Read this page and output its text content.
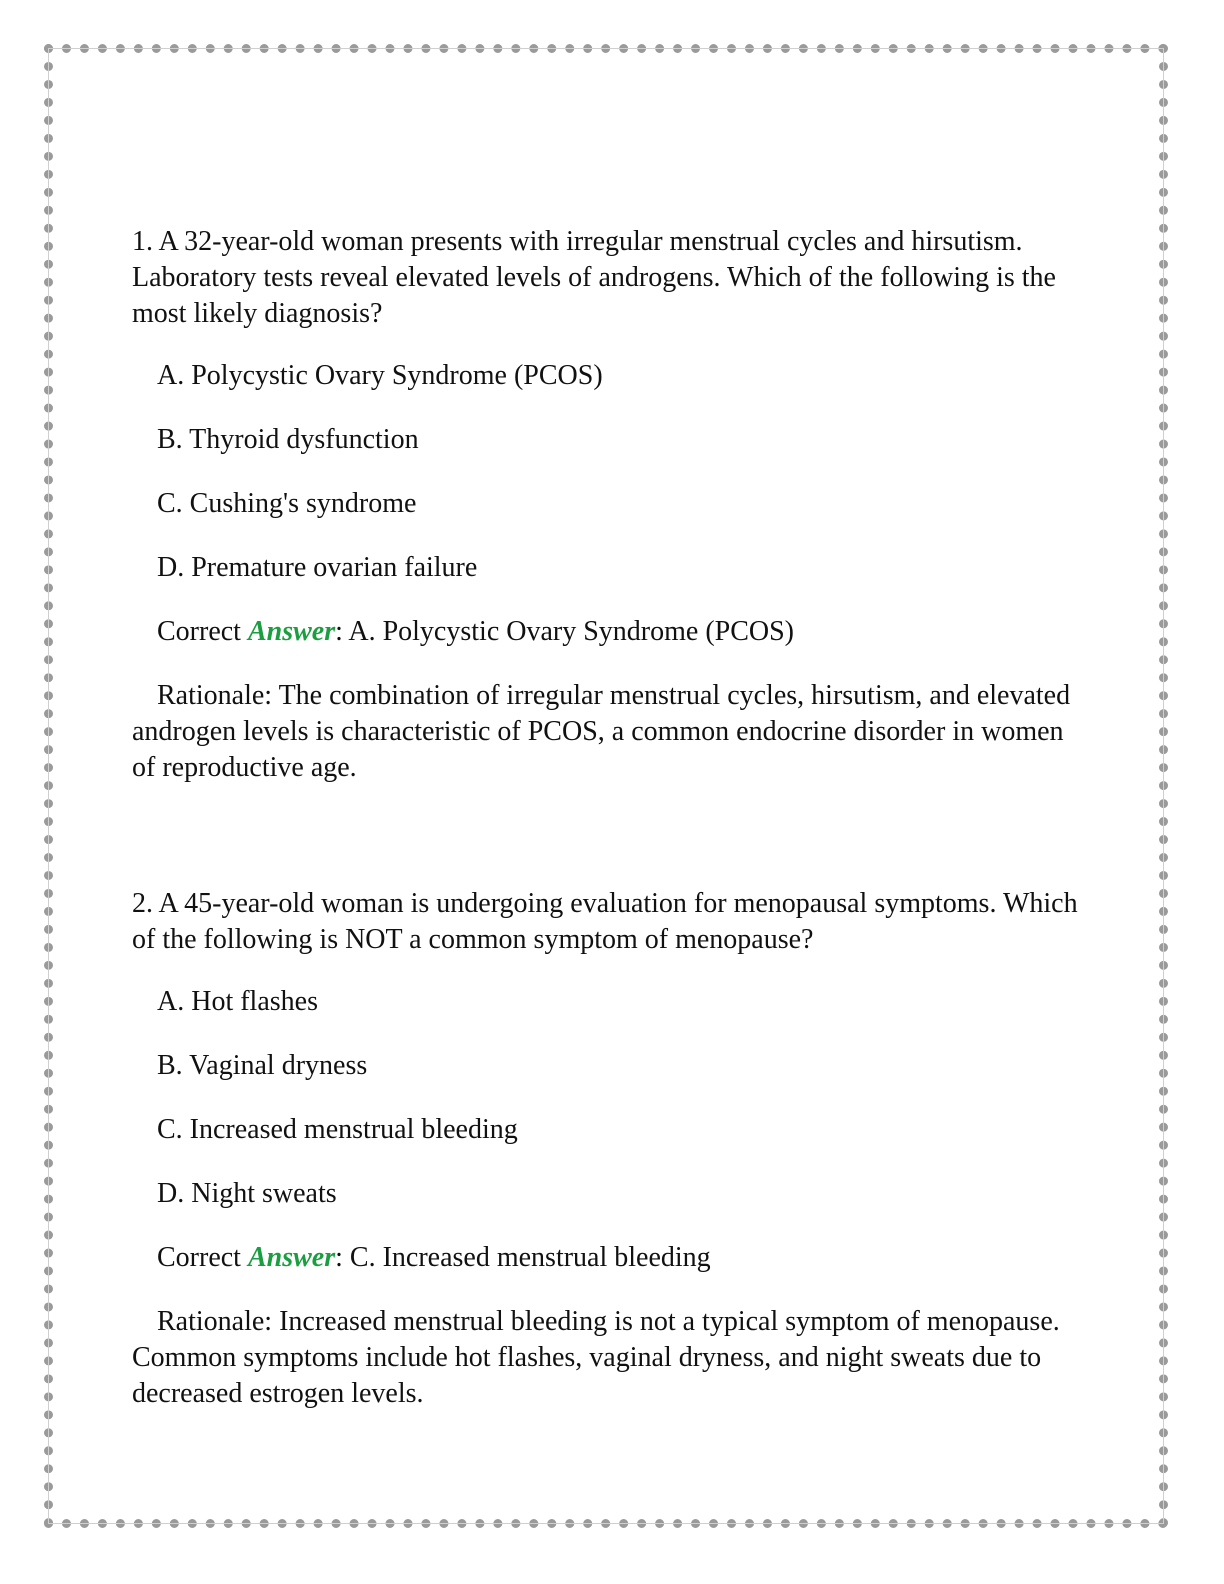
1. A 32-year-old woman presents with irregular menstrual cycles and hirsutism. Laboratory tests reveal elevated levels of androgens. Which of the following is the most likely diagnosis?

A. Polycystic Ovary Syndrome (PCOS)

B. Thyroid dysfunction

C. Cushing's syndrome

D. Premature ovarian failure

Correct Answer: A. Polycystic Ovary Syndrome (PCOS)

Rationale: The combination of irregular menstrual cycles, hirsutism, and elevated androgen levels is characteristic of PCOS, a common endocrine disorder in women of reproductive age.

2. A 45-year-old woman is undergoing evaluation for menopausal symptoms. Which of the following is NOT a common symptom of menopause?

A. Hot flashes

B. Vaginal dryness

C. Increased menstrual bleeding

D. Night sweats

Correct Answer: C. Increased menstrual bleeding

Rationale: Increased menstrual bleeding is not a typical symptom of menopause. Common symptoms include hot flashes, vaginal dryness, and night sweats due to decreased estrogen levels.
